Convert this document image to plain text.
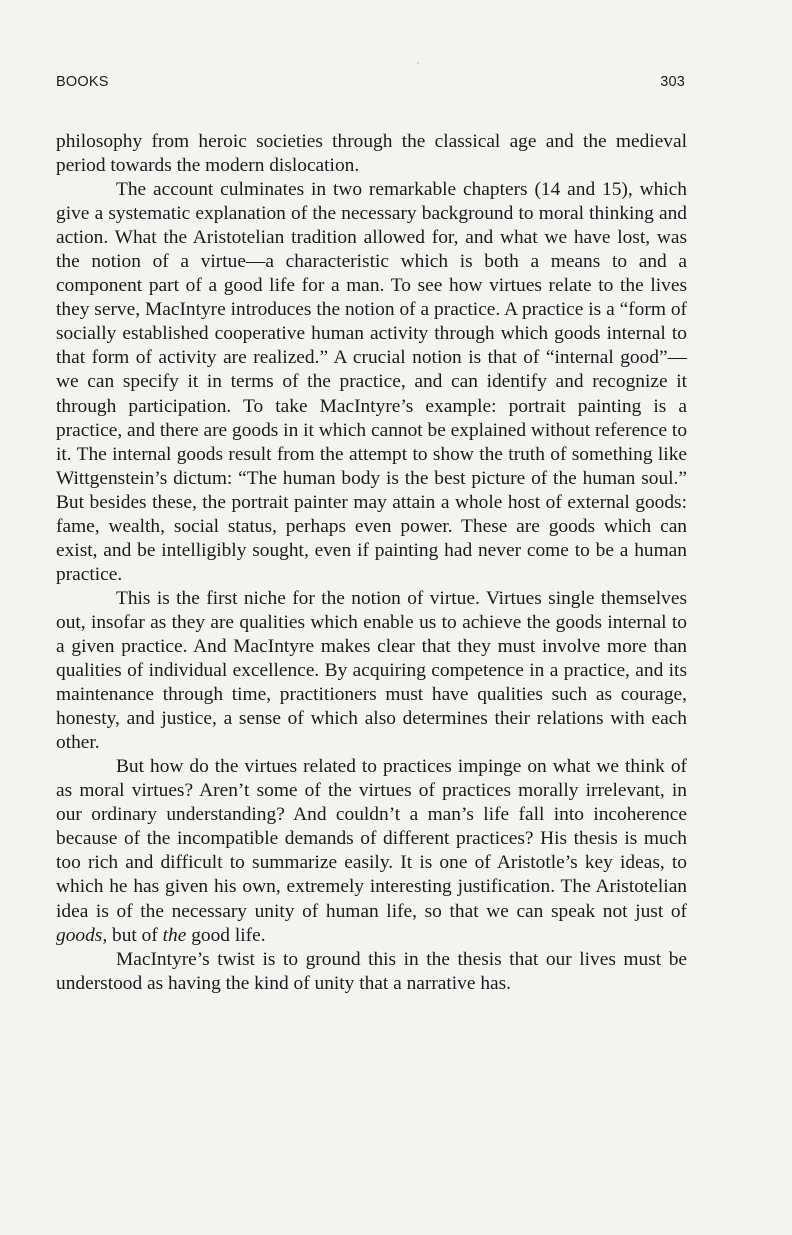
BOOKS	303

philosophy from heroic societies through the classical age and the medieval period towards the modern dislocation.

The account culminates in two remarkable chapters (14 and 15), which give a systematic explanation of the necessary background to moral thinking and action. What the Aristotelian tradition allowed for, and what we have lost, was the notion of a virtue—a characteristic which is both a means to and a component part of a good life for a man. To see how virtues relate to the lives they serve, MacIntyre introduces the notion of a practice. A practice is a “form of socially established cooperative human activity through which goods internal to that form of activity are realized.” A crucial notion is that of “internal good”—we can specify it in terms of the practice, and can identify and recognize it through participation. To take MacIntyre’s example: portrait painting is a practice, and there are goods in it which cannot be explained without reference to it. The internal goods result from the attempt to show the truth of something like Wittgenstein’s dictum: “The human body is the best picture of the human soul.” But besides these, the portrait painter may attain a whole host of external goods: fame, wealth, social status, perhaps even power. These are goods which can exist, and be intelligibly sought, even if painting had never come to be a human practice.

This is the first niche for the notion of virtue. Virtues single themselves out, insofar as they are qualities which enable us to achieve the goods internal to a given practice. And MacIntyre makes clear that they must involve more than qualities of individual excellence. By acquiring competence in a practice, and its maintenance through time, practitioners must have qualities such as courage, honesty, and justice, a sense of which also determines their relations with each other.

But how do the virtues related to practices impinge on what we think of as moral virtues? Aren’t some of the virtues of practices morally irrelevant, in our ordinary understanding? And couldn’t a man’s life fall into incoherence because of the incompatible demands of different practices? His thesis is much too rich and difficult to summarize easily. It is one of Aristotle’s key ideas, to which he has given his own, extremely interesting justification. The Aristotelian idea is of the necessary unity of human life, so that we can speak not just of goods, but of the good life.

MacIntyre’s twist is to ground this in the thesis that our lives must be understood as having the kind of unity that a narrative has.
